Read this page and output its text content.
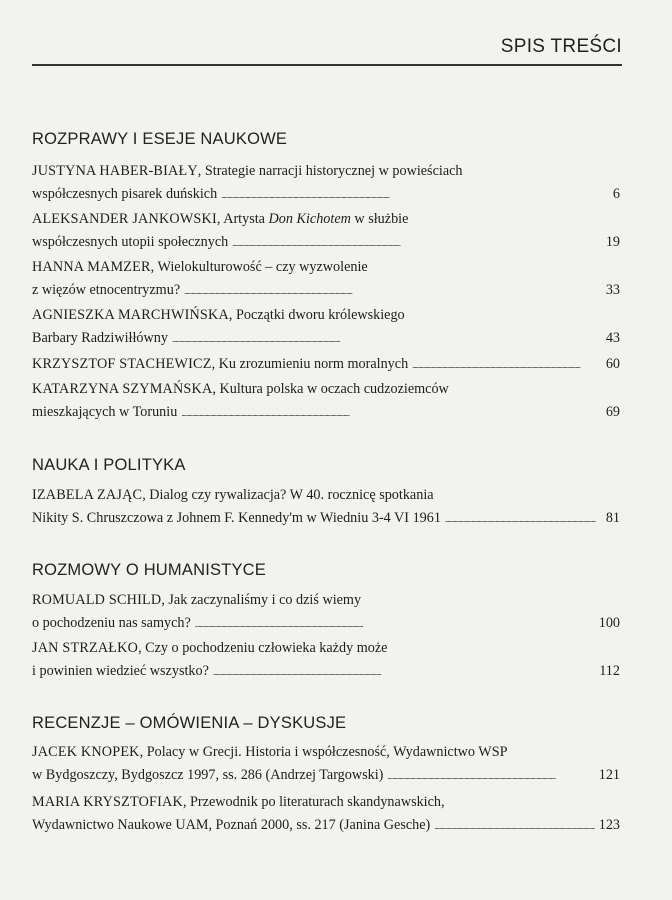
SPIS TREŚCI
ROZPRAWY I ESEJE NAUKOWE
JUSTYNA HABER-BIAŁY, Strategie narracji historycznej w powieściach
współczesnych pisarek duńskich . . .	6
ALEKSANDER JANKOWSKI, Artysta Don Kichotem w służbie
współczesnych utopii społecznych . . .	19
HANNA MAMZER, Wielokulturowość – czy wyzwolenie
z więzów etnocentryzmu? . . .	33
AGNIESZKA MARCHWIŃSKA, Początki dworu królewskiego
Barbary Radziwiłłówny . . .	43
KRZYSZTOF STACHEWICZ , Ku zrozumieniu norm moralnych . . .	60
KATARZYNA SZYMAŃSKA, Kultura polska w oczach cudzoziemców
mieszkających w Toruniu . . .	69
NAUKA I POLITYKA
IZABELA ZAJĄC, Dialog czy rywalizacja? W 40. rocznicę spotkania
Nikity S. Chruszczowa z Johnem F. Kennedy'm w Wiedniu 3-4 VI 1961 . . .	81
ROZMOWY O HUMANISTYCE
ROMUALD SCHILD, Jak zaczynaliśmy i co dziś wiemy
o pochodzeniu nas samych? . . .	100
JAN STRZAŁKO, Czy o pochodzeniu człowieka każdy może
i powinien wiedzieć wszystko? . . .	112
RECENZJE – OMÓWIENIA – DYSKUSJE
JACEK KNOPEK, Polacy w Grecji. Historia i współczesność, Wydawnictwo WSP
w Bydgoszczy, Bydgoszcz 1997, ss. 286 (Andrzej Targowski) . . .	121
MARIA KRYSZTOFIAK, Przewodnik po literaturach skandynawskich,
Wydawnictwo Naukowe UAM, Poznań 2000, ss. 217 (Janina Gesche) . . .	123
